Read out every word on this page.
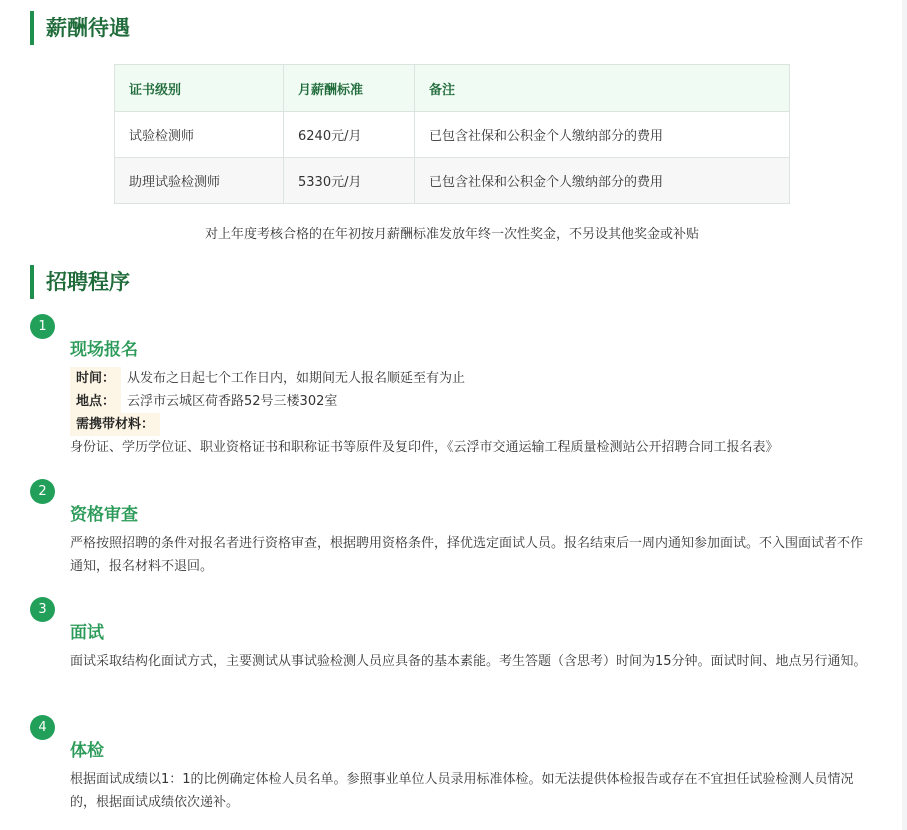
薪酬待遇
证书级别	月薪酬标准	备注
试验检测师	6240元/月	已包含社保和公积金个人缴纳部分的费用
助理试验检测师	5330元/月	已包含社保和公积金个人缴纳部分的费用
对上年度考核合格的在年初按月薪酬标准发放年终一次性奖金，不另设其他奖金或补贴
招聘程序
1
现场报名
时间： 从发布之日起七个工作日内，如期间无人报名顺延至有为止
地点： 云浮市云城区荷香路52号三楼302室
需携带材料：身份证、学历学位证、职业资格证书和职称证书等原件及复印件，《云浮市交通运输工程质量检测站公开招聘合同工报名表》
2
资格审查
严格按照招聘的条件对报名者进行资格审查，根据聘用资格条件，择优选定面试人员。报名结束后一周内通知参加面试。不入围面试者不作通知，报名材料不退回。
3
面试
面试采取结构化面试方式，主要测试从事试验检测人员应具备的基本素能。考生答题（含思考）时间为15分钟。面试时间、地点另行通知。
4
体检
根据面试成绩以1：1的比例确定体检人员名单。参照事业单位人员录用标准体检。如无法提供体检报告或存在不宜担任试验检测人员情况的，根据面试成绩依次递补。
